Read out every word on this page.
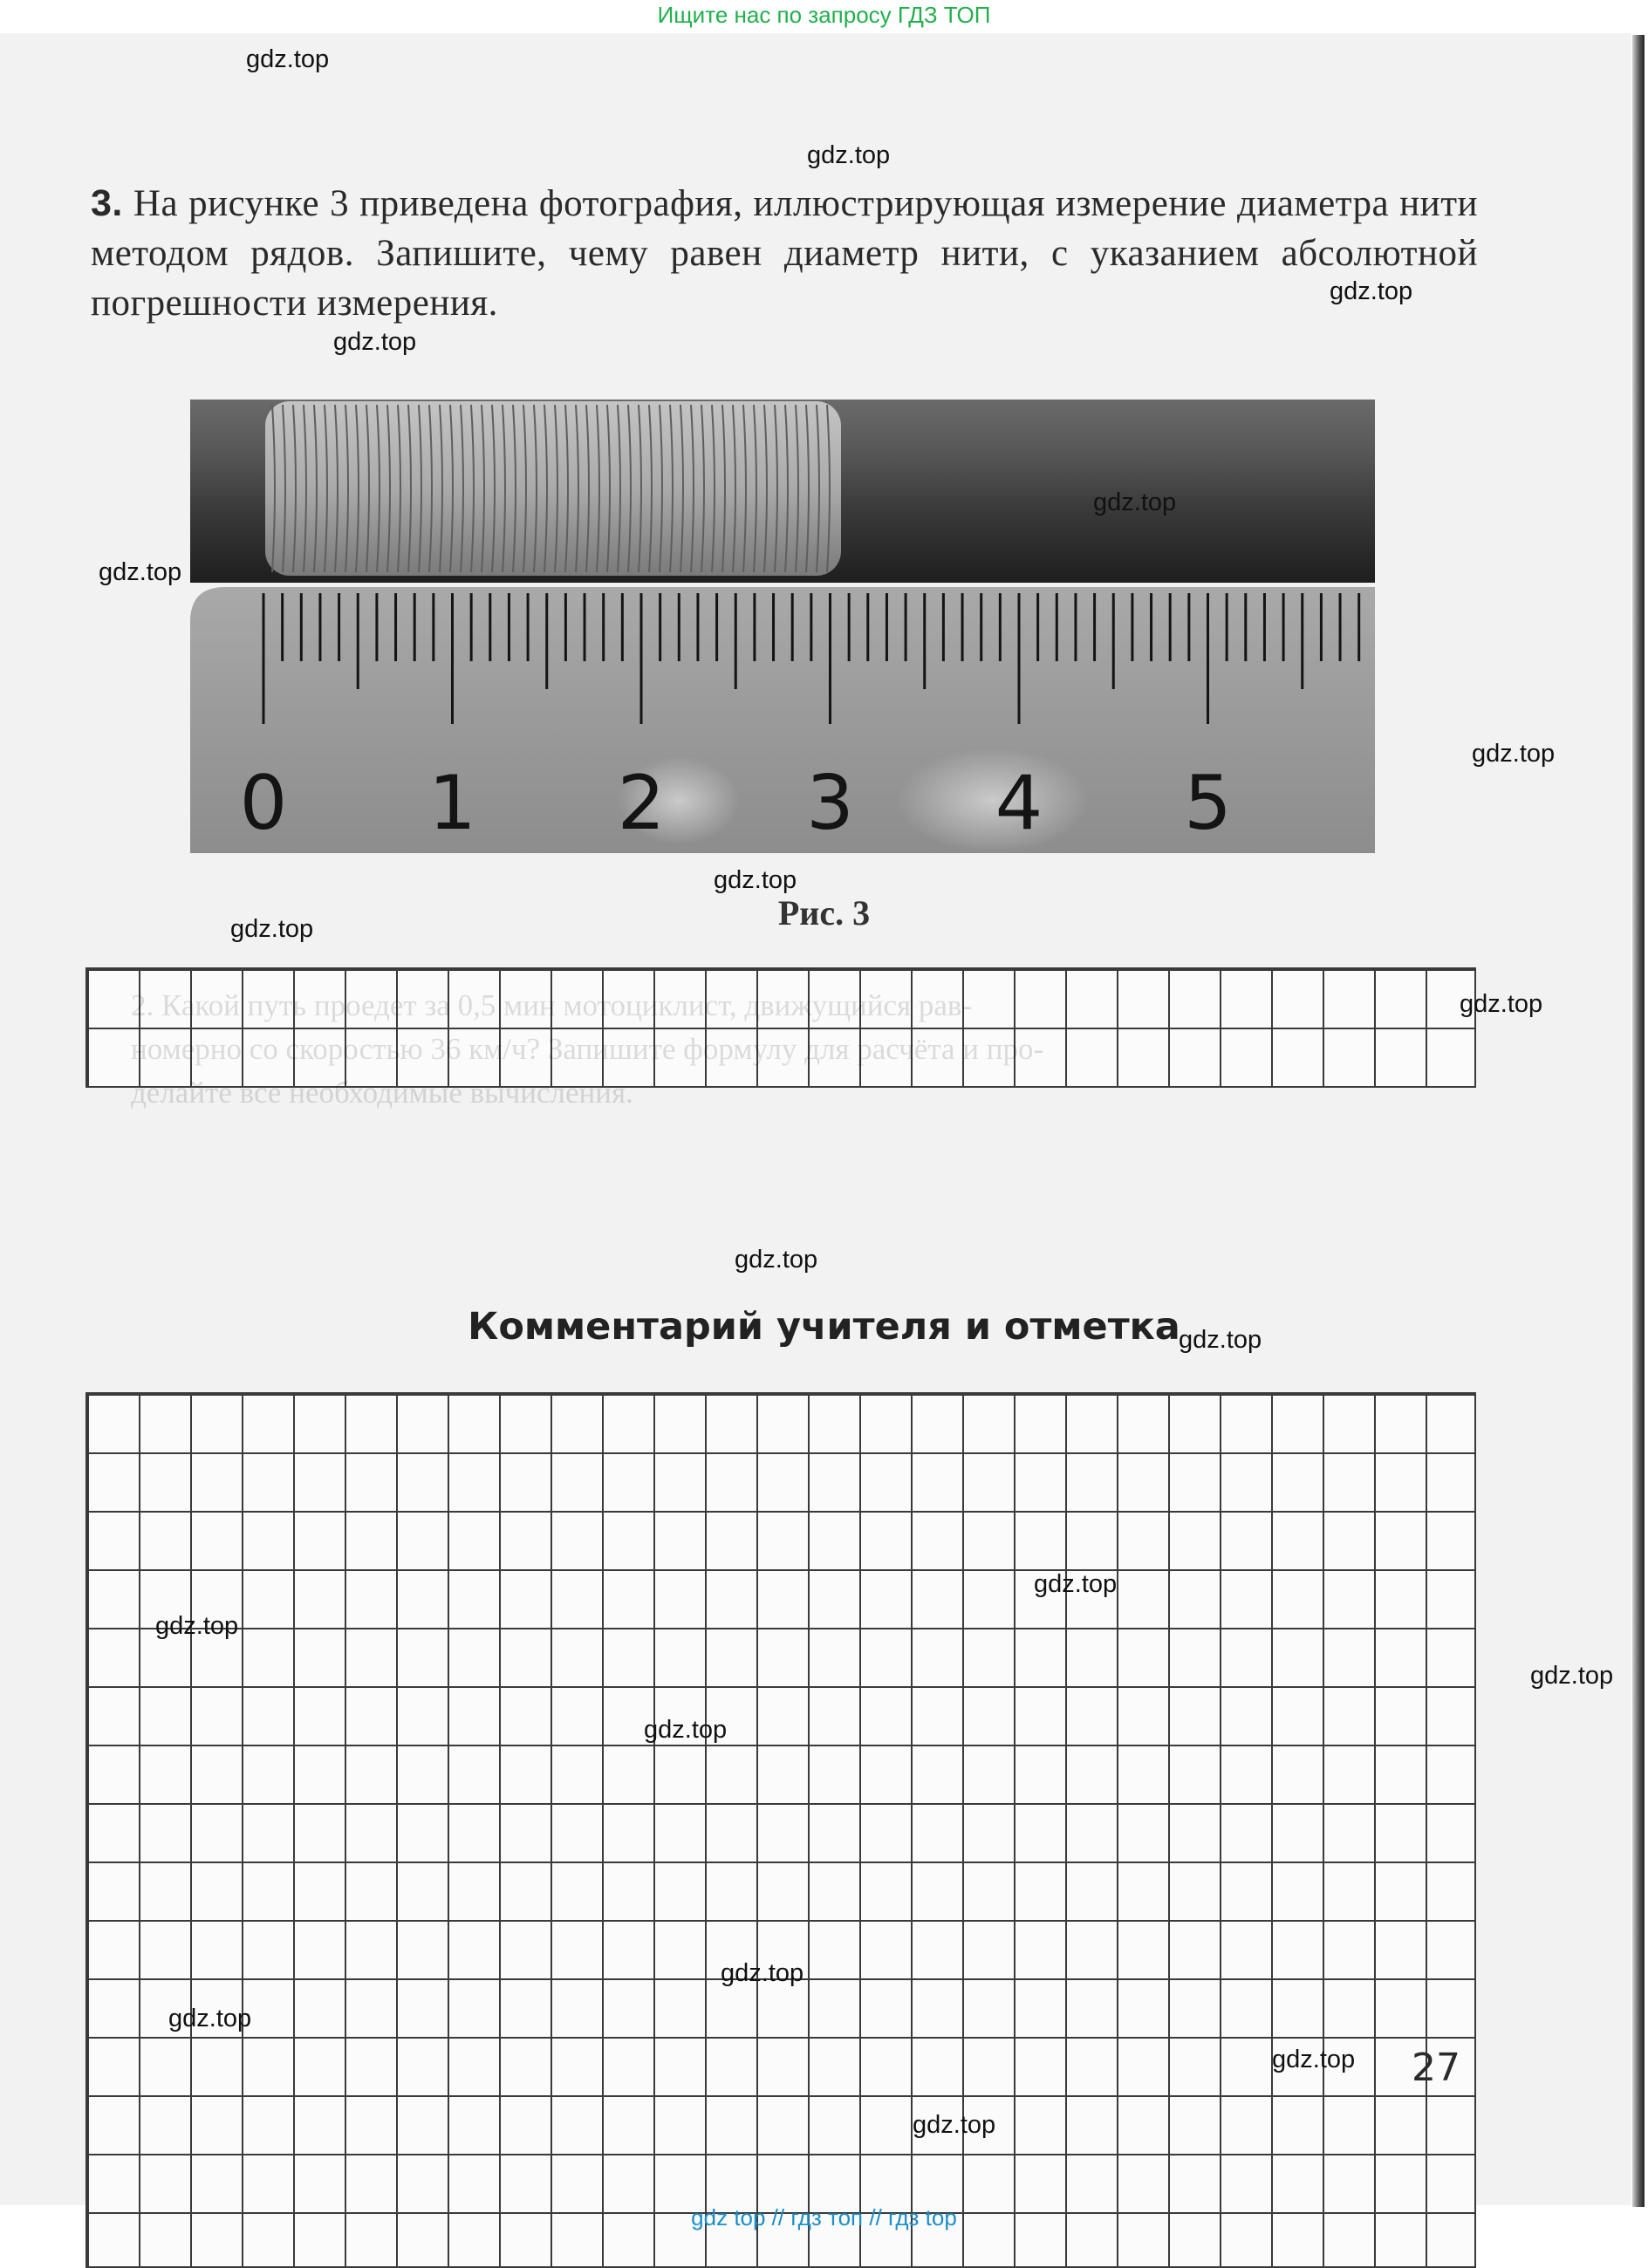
Ищите нас по запросу ГДЗ ТОП
3. На рисунке 3 приведена фотография, иллюстрирующая измерение диаметра нити методом рядов. Запишите, чему равен диаметр нити, с указанием абсолютной погрешности измерения.
0 1 2 3 4 5
Рис. 3
2. Какой путь проедет за 0,5 мин мотоциклист, движущийся рав-
номерно со скоростью 36 км/ч? Запишите формулу для расчёта и про-
делайте все необходимые вычисления.
Комментарий учителя и отметка
27
gdz.top
gdz.top
gdz.top
gdz.top
gdz.top
gdz.top
gdz.top
gdz.top
gdz.top
gdz.top
gdz.top
gdz.top
gdz.top
gdz.top
gdz.top
gdz.top
gdz.top
gdz.top
gdz.top
gdz.top
gdz top // гдз топ // гдз top
